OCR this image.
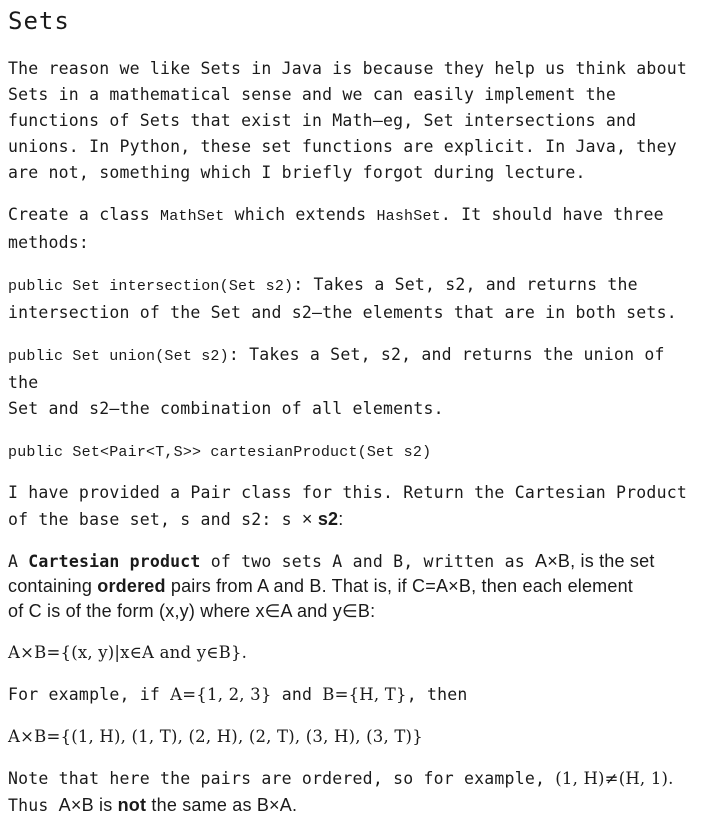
Sets

The reason we like Sets in Java is because they help us think about
Sets in a mathematical sense and we can easily implement the
functions of Sets that exist in Math—eg, Set intersections and
unions. In Python, these set functions are explicit. In Java, they
are not, something which I briefly forgot during lecture.

Create a class MathSet which extends HashSet. It should have three
methods:

public Set intersection(Set s2): Takes a Set, s2, and returns the
intersection of the Set and s2—the elements that are in both sets.

public Set union(Set s2): Takes a Set, s2, and returns the union of the
Set and s2—the combination of all elements.

public Set<Pair<T,S>> cartesianProduct(Set s2)

I have provided a Pair class for this. Return the Cartesian Product
of the base set, s and s2: s × s2:

A Cartesian product of two sets A and B, written as A×B, is the set
containing ordered pairs from A and B. That is, if C=A×B, then each element
of C is of the form (x,y) where x∈A and y∈B:

A×B={(x, y)|x∈A and y∈B}.

For example, if A={1, 2, 3} and B={H, T}, then

A×B={(1, H), (1, T), (2, H), (2, T), (3, H), (3, T)}

Note that here the pairs are ordered, so for example, (1, H)≠(H, 1).
Thus A×B is not the same as B×A.
